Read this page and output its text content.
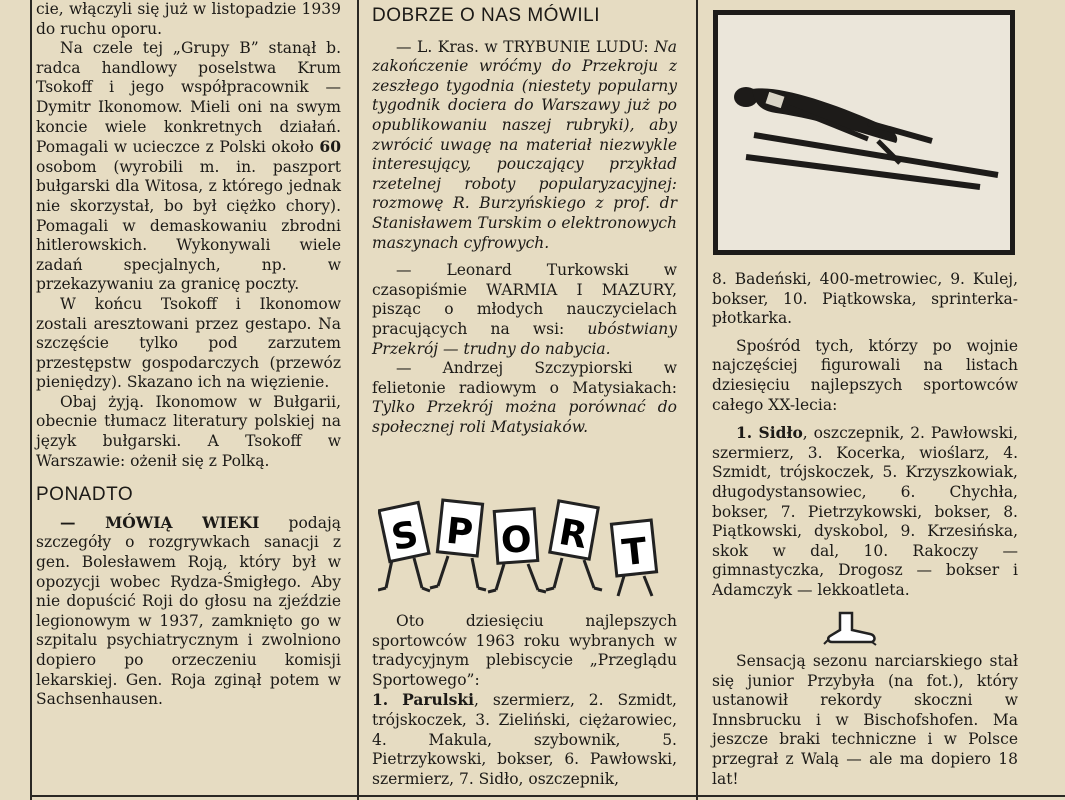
cie, włączyli się już w listopadzie 1939 do ruchu oporu.

Na czele tej „Grupy B” stanął b. radca handlowy poselstwa Krum Tsokoff i jego współpracownik — Dymitr Ikonomow. Mieli oni na swym koncie wiele konkretnych działań. Pomagali w ucieczce z Polski około 60 osobom (wyrobili m. in. paszport bułgarski dla Witosa, z którego jednak nie skorzystał, bo był ciężko chory). Pomagali w demaskowaniu zbrodni hitlerowskich. Wykonywali wiele zadań specjalnych, np. w przekazywaniu za granicę poczty.

W końcu Tsokoff i Ikonomow zostali aresztowani przez gestapo. Na szczęście tylko pod zarzutem przestępstw gospodarczych (przewóz pieniędzy). Skazano ich na więzienie.

Obaj żyją. Ikonomow w Bułgarii, obecnie tłumacz literatury polskiej na język bułgarski. A Tsokoff w Warszawie: ożenił się z Polką.

PONADTO

— MÓWIĄ WIEKI podają szczegóły o rozgrywkach sanacji z gen. Bolesławem Roją, który był w opozycji wobec Rydza-Śmigłego. Aby nie dopuścić Roji do głosu na zjeździe legionowym w 1937, zamknięto go w szpitalu psychiatrycznym i zwolniono dopiero po orzeczeniu komisji lekarskiej. Gen. Roja zginął potem w Sachsenhausen.

DOBRZE O NAS MÓWILI

— L. Kras. w TRYBUNIE LUDU: Na zakończenie wróćmy do Przekroju z zeszłego tygodnia (niestety popularny tygodnik dociera do Warszawy już po opublikowaniu naszej rubryki), aby zwrócić uwagę na materiał niezwykle interesujący, pouczający przykład rzetelnej roboty popularyzacyjnej: rozmowę R. Burzyńskiego z prof. dr Stanisławem Turskim o elektronowych maszynach cyfrowych.

— Leonard Turkowski w czasopiśmie WARMIA I MAZURY, pisząc o młodych nauczycielach pracujących na wsi: ubóstwiany Przekrój — trudny do nabycia.

— Andrzej Szczypiorski w felietonie radiowym o Matysiakach: Tylko Przekrój można porównać do społecznej roli Matysiaków.

S P O R T

Oto dziesięciu najlepszych sportowców 1963 roku wybranych w tradycyjnym plebiscycie „Przeglądu Sportowego”:

1. Parulski, szermierz, 2. Szmidt, trójskoczek, 3. Zieliński, ciężarowiec, 4. Makula, szybownik, 5. Pietrzykowski, bokser, 6. Pawłowski, szermierz, 7. Sidło, oszczepnik,

8. Badeński, 400-metrowiec, 9. Kulej, bokser, 10. Piątkowska, sprinterka-płotkarka.

Spośród tych, którzy po wojnie najczęściej figurowali na listach dziesięciu najlepszych sportowców całego XX-lecia:

1. Sidło, oszczepnik, 2. Pawłowski, szermierz, 3. Kocerka, wioślarz, 4. Szmidt, trójskoczek, 5. Krzyszkowiak, długodystansowiec, 6. Chychła, bokser, 7. Pietrzykowski, bokser, 8. Piątkowski, dyskobol, 9. Krzesińska, skok w dal, 10. Rakoczy — gimnastyczka, Drogosz — bokser i Adamczyk — lekkoatleta.

Sensacją sezonu narciarskiego stał się junior Przybyła (na fot.), który ustanowił rekordy skoczni w Innsbrucku i w Bischofshofen. Ma jeszcze braki techniczne i w Polsce przegrał z Walą — ale ma dopiero 18 lat!
